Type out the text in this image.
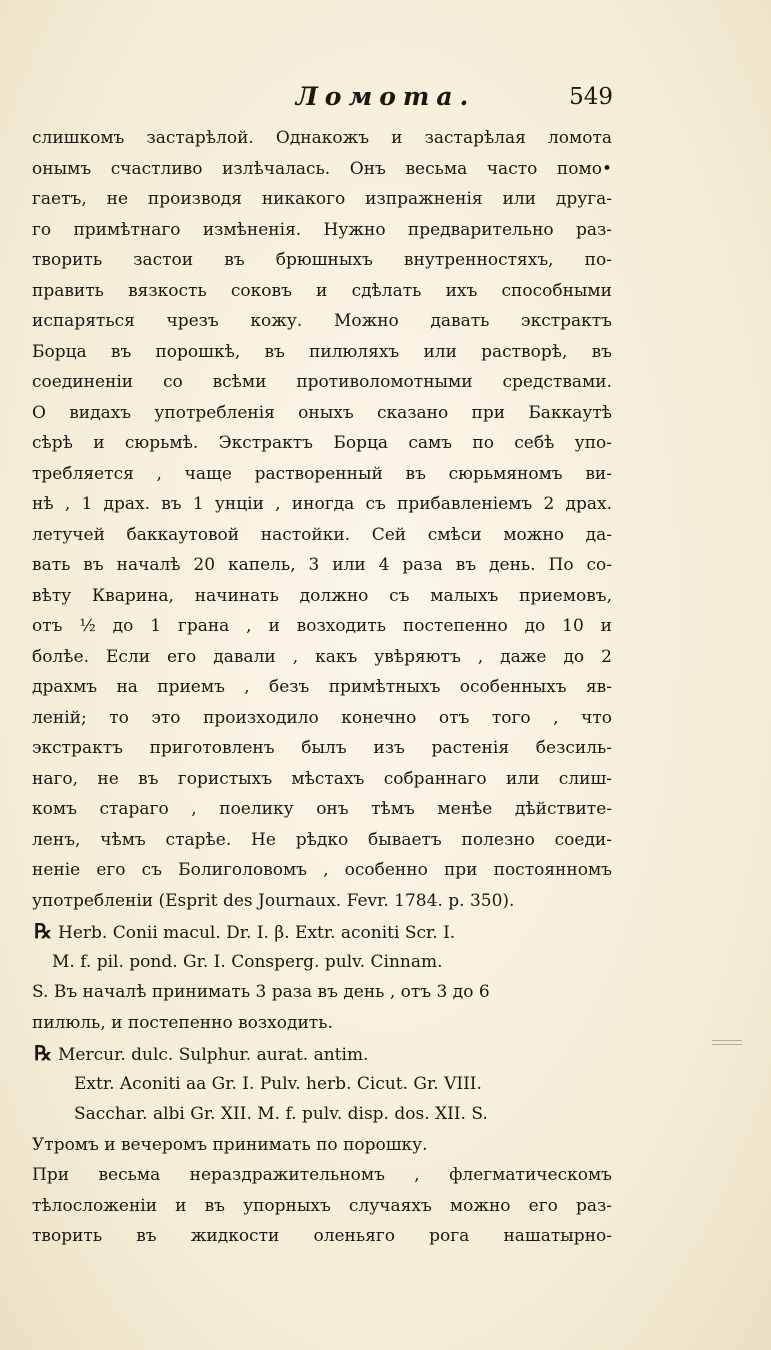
Ломота.	549
слишкомъ застарѣлой. Однакожъ и застарѣлая ломота
онымъ счастливо излѣчалась. Онъ весьма часто помо•
гаетъ, не производя никакого изпражненія или друга-
го примѣтнаго измѣненія. Нужно предварительно раз-
творить застои въ брюшныхъ внутренностяхъ, по-
править вязкость соковъ и сдѣлать ихъ способными
испаряться чрезъ кожу. Можно давать экстрактъ
Борца въ порошкѣ, въ пилюляхъ или растворѣ, въ
соединеніи со всѣми противоломотными средствами.
О видахъ употребленія оныхъ сказано при Баккаутѣ
сѣрѣ и сюрьмѣ. Экстрактъ Борца самъ по себѣ упо-
требляется , чаще растворенный въ сюрьмяномъ ви-
нѣ , 1 драх. въ 1 унціи , иногда съ прибавленіемъ 2 драх.
летучей баккаутовой настойки. Сей смѣси можно да-
вать въ началѣ 20 капель, 3 или 4 раза въ день. По со-
вѣту Кварина, начинать должно съ малыхъ приемовъ,
отъ ½ до 1 грана , и возходить постепенно до 10 и
болѣе. Если его давали , какъ увѣряютъ , даже до 2
драхмъ на приемъ , безъ примѣтныхъ особенныхъ яв-
леній; то это произходило конечно отъ того , что
экстрактъ приготовленъ былъ изъ растенія безсиль-
наго, не въ гористыхъ мѣстахъ собраннаго или слиш-
комъ стараго , поелику онъ тѣмъ менѣе дѣйствите-
ленъ, чѣмъ старѣе. Не рѣдко бываетъ полезно соеди-
неніе его съ Болиголовомъ , особенно при постоянномъ
употребленіи (Esprit des Journaux. Fevr. 1784. p. 350).
℞ Herb. Conii macul. Dr. I. β. Extr. aconiti Scr. I.
M. f. pil. pond. Gr. I. Consperg. pulv. Cinnam.
S. Въ началѣ принимать 3 раза въ день , отъ 3 до 6
пилюль, и постепенно возходить.
℞ Mercur. dulc. Sulphur. aurat. antim.
Extr. Aconiti aa Gr. I. Pulv. herb. Cicut. Gr. VIII.
Sacchar. albi Gr. XII. M. f. pulv. disp. dos. XII. S.
Утромъ и вечеромъ принимать по порошку.
При весьма нераздражительномъ , флегматическомъ
тѣлосложеніи и въ упорныхъ случаяхъ можно его раз-
творить въ жидкости оленьяго рога нашатырно-
